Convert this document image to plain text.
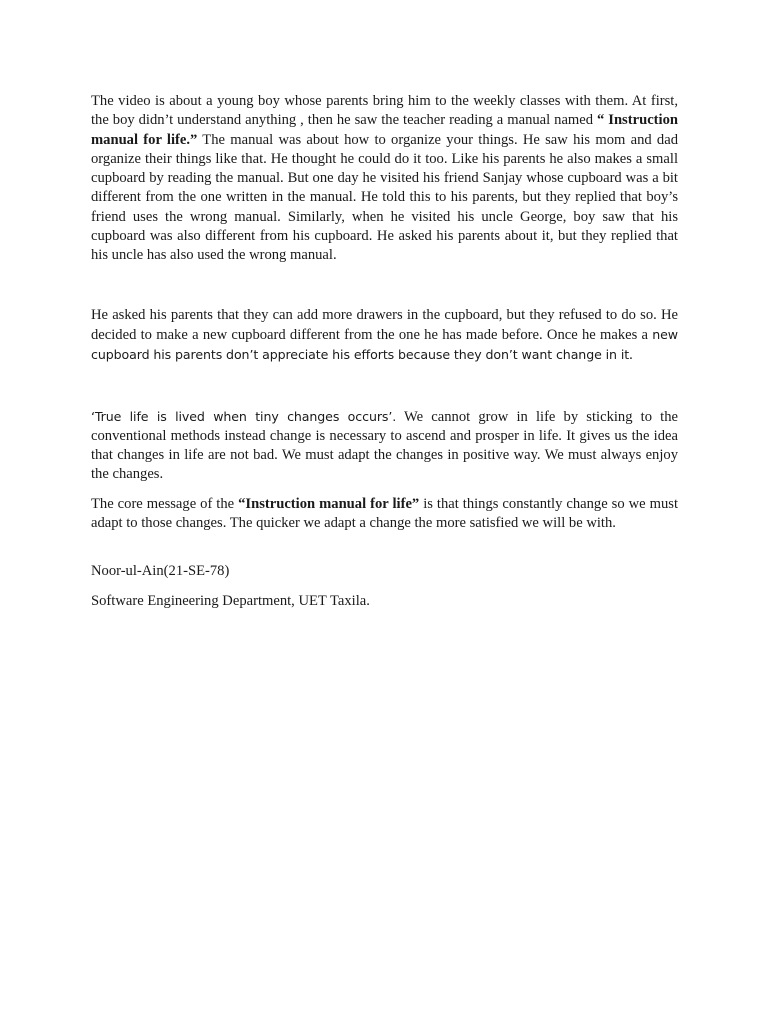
The video is about a young boy whose parents bring him to the weekly classes with them. At first, the boy didn’t understand anything , then he saw the teacher reading a manual named “ Instruction manual for life.” The manual was about how to organize your things. He saw his mom and dad organize their things like that. He thought he could do it too. Like his parents he also makes a small cupboard by reading the manual. But one day he visited his friend Sanjay whose cupboard was a bit different from the one written in the manual. He told this to his parents, but they replied that boy’s friend uses the wrong manual. Similarly, when he visited his uncle George, boy saw that his cupboard was also different from his cupboard. He asked his parents about it, but they replied that his uncle has also used the wrong manual.

He asked his parents that they can add more drawers in the cupboard, but they refused to do so. He decided to make a new cupboard different from the one he has made before. Once he makes a new cupboard his parents don’t appreciate his efforts because they don’t want change in it.

‘True life is lived when tiny changes occurs’. We cannot grow in life by sticking to the conventional methods instead change is necessary to ascend and prosper in life. It gives us the idea that changes in life are not bad. We must adapt the changes in positive way. We must always enjoy the changes.

The core message of the “Instruction manual for life” is that things constantly change so we must adapt to those changes. The quicker we adapt a change the more satisfied we will be with.

Noor-ul-Ain(21-SE-78)

Software Engineering Department, UET Taxila.
